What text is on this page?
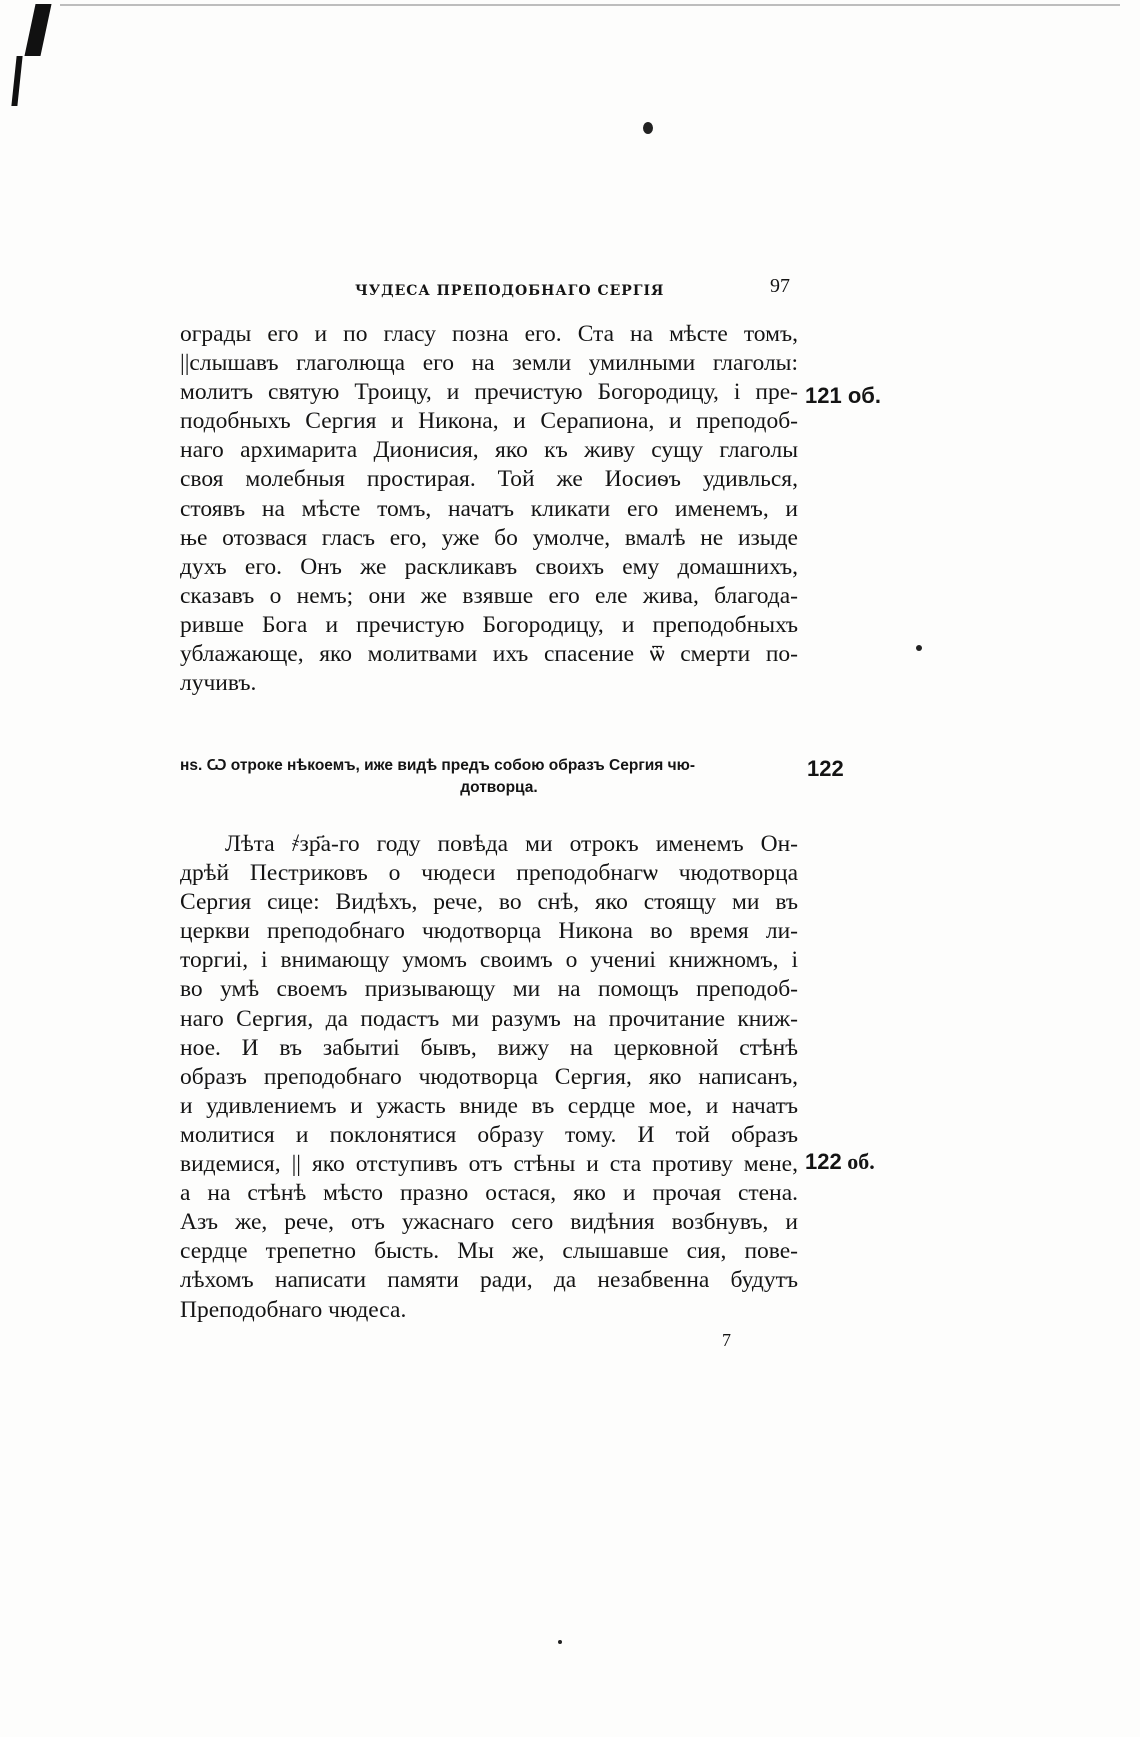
ЧУДЕСА ПРЕПОДОБНАГО СЕРГІЯ	97
ограды его и по гласу позна его. Ста на мѣсте томъ,
||слышавъ глаголюща его на земли умилными глаголы:
молитъ святую Троицу, и пречистую Богородицу, і пре-
подобныхъ Сергия и Никона, и Серапиона, и преподоб-
наго архимарита Дионисия, яко къ живу сущу глаголы
своя молебныя простирая. Той же Иосиѳъ удивлься,
стоявъ на мѣсте томъ, начатъ кликати его именемъ, и
ње отозвася гласъ его, уже бо умолче, вмалѣ не изыде
духъ его. Онъ же раскликавъ своихъ ему домашнихъ,
сказавъ о немъ; они же взявше его еле жива, благода-
ривше Бога и пречистую Богородицу, и преподобныхъ
ублажающе, яко молитвами ихъ спасение ѿ смерти по-
лучивъ.
121 об.
нѕ. Ѡ отроке нѣкоемъ, иже видѣ предъ собою образъ Сергия чю-
дотворца.
122
Лѣта ҂зр҃а-го году повѣда ми отрокъ именемъ Он-
дрѣй Пестриковъ о чюдеси преподобнагѡ чюдотворца
Сергия сице: Видѣхъ, рече, во снѣ, яко стоящу ми въ
церкви преподобнаго чюдотворца Никона во время ли-
торгиі, і внимающу умомъ своимъ о учениі книжномъ, і
во умѣ своемъ призывающу ми на помощъ преподоб-
наго Сергия, да подастъ ми разумъ на прочитание книж-
ное. И въ забытиі бывъ, вижу на церковной стѣнѣ
образъ преподобнаго чюдотворца Сергия, яко написанъ,
и удивлениемъ и ужасть вниде въ сердце мое, и начатъ
молитися и поклонятися образу тому. И той образъ
видемися, || яко отступивъ отъ стѣны и ста противу мене,
а на стѣнѣ мѣсто празно остася, яко и прочая стена.
Азъ же, рече, отъ ужаснаго сего видѣния возбнувъ, и
сердце трепетно бысть. Мы же, слышавше сия, пове-
лѣхомъ написати памяти ради, да незабвенна будутъ
Преподобнаго чюдеса.
122 об.
7
